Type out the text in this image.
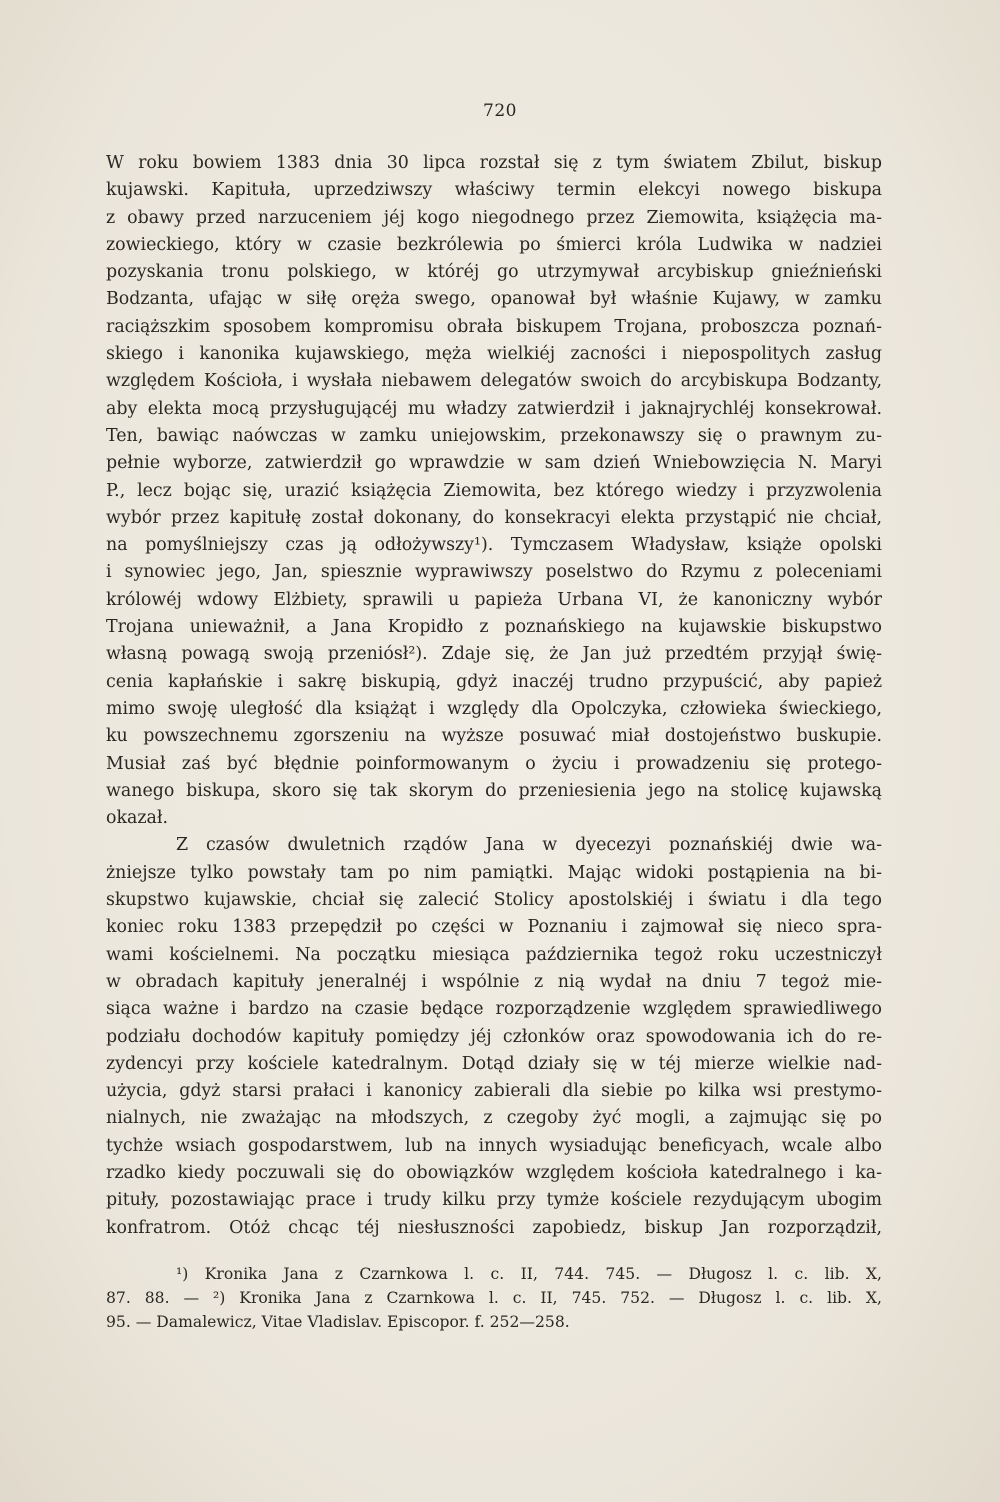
720
W roku bowiem 1383 dnia 30 lipca rozstał się z tym światem Zbilut, biskup
kujawski. Kapituła, uprzedziwszy właściwy termin elekcyi nowego biskupa
z obawy przed narzuceniem jéj kogo niegodnego przez Ziemowita, książęcia ma-
zowieckiego, który w czasie bezkrólewia po śmierci króla Ludwika w nadziei
pozyskania tronu polskiego, w któréj go utrzymywał arcybiskup gnieźnieński
Bodzanta, ufając w siłę oręża swego, opanował był właśnie Kujawy, w zamku
raciąższkim sposobem kompromisu obrała biskupem Trojana, proboszcza poznań-
skiego i kanonika kujawskiego, męża wielkiéj zacności i niepospolitych zasług
względem Kościoła, i wysłała niebawem delegatów swoich do arcybiskupa Bodzanty,
aby elekta mocą przysługującéj mu władzy zatwierdził i jaknajrychléj konsekrował.
Ten, bawiąc naówczas w zamku uniejowskim, przekonawszy się o prawnym zu-
pełnie wyborze, zatwierdził go wprawdzie w sam dzień Wniebowzięcia N. Maryi
P., lecz bojąc się, urazić książęcia Ziemowita, bez którego wiedzy i przyzwolenia
wybór przez kapitułę został dokonany, do konsekracyi elekta przystąpić nie chciał,
na pomyślniejszy czas ją odłożywszy¹). Tymczasem Władysław, książe opolski
i synowiec jego, Jan, spiesznie wyprawiwszy poselstwo do Rzymu z poleceniami
królowéj wdowy Elżbiety, sprawili u papieża Urbana VI, że kanoniczny wybór
Trojana unieważnił, a Jana Kropidło z poznańskiego na kujawskie biskupstwo
własną powagą swoją przeniósł²). Zdaje się, że Jan już przedtém przyjął świę-
cenia kapłańskie i sakrę biskupią, gdyż inaczéj trudno przypuścić, aby papież
mimo swoję uległość dla książąt i względy dla Opolczyka, człowieka świeckiego,
ku powszechnemu zgorszeniu na wyższe posuwać miał dostojeństwo buskupie.
Musiał zaś być błędnie poinformowanym o życiu i prowadzeniu się protego-
wanego biskupa, skoro się tak skorym do przeniesienia jego na stolicę kujawską
okazał.
Z czasów dwuletnich rządów Jana w dyecezyi poznańskiéj dwie wa-
żniejsze tylko powstały tam po nim pamiątki. Mając widoki postąpienia na bi-
skupstwo kujawskie, chciał się zalecić Stolicy apostolskiéj i światu i dla tego
koniec roku 1383 przepędził po części w Poznaniu i zajmował się nieco spra-
wami kościelnemi. Na początku miesiąca października tegoż roku uczestniczył
w obradach kapituły jeneralnéj i wspólnie z nią wydał na dniu 7 tegoż mie-
siąca ważne i bardzo na czasie będące rozporządzenie względem sprawiedliwego
podziału dochodów kapituły pomiędzy jéj członków oraz spowodowania ich do re-
zydencyi przy kościele katedralnym. Dotąd działy się w téj mierze wielkie nad-
użycia, gdyż starsi prałaci i kanonicy zabierali dla siebie po kilka wsi prestymo-
nialnych, nie zważając na młodszych, z czegoby żyć mogli, a zajmując się po
tychże wsiach gospodarstwem, lub na innych wysiadując beneficyach, wcale albo
rzadko kiedy poczuwali się do obowiązków względem kościoła katedralnego i ka-
pituły, pozostawiając prace i trudy kilku przy tymże kościele rezydującym ubogim
konfratrom. Otóż chcąc téj niesłuszności zapobiedz, biskup Jan rozporządził,
¹) Kronika Jana z Czarnkowa l. c. II, 744. 745. — Długosz l. c. lib. X,
87. 88. — ²) Kronika Jana z Czarnkowa l. c. II, 745. 752. — Długosz l. c. lib. X,
95. — Damalewicz, Vitae Vladislav. Episcopor. f. 252—258.
